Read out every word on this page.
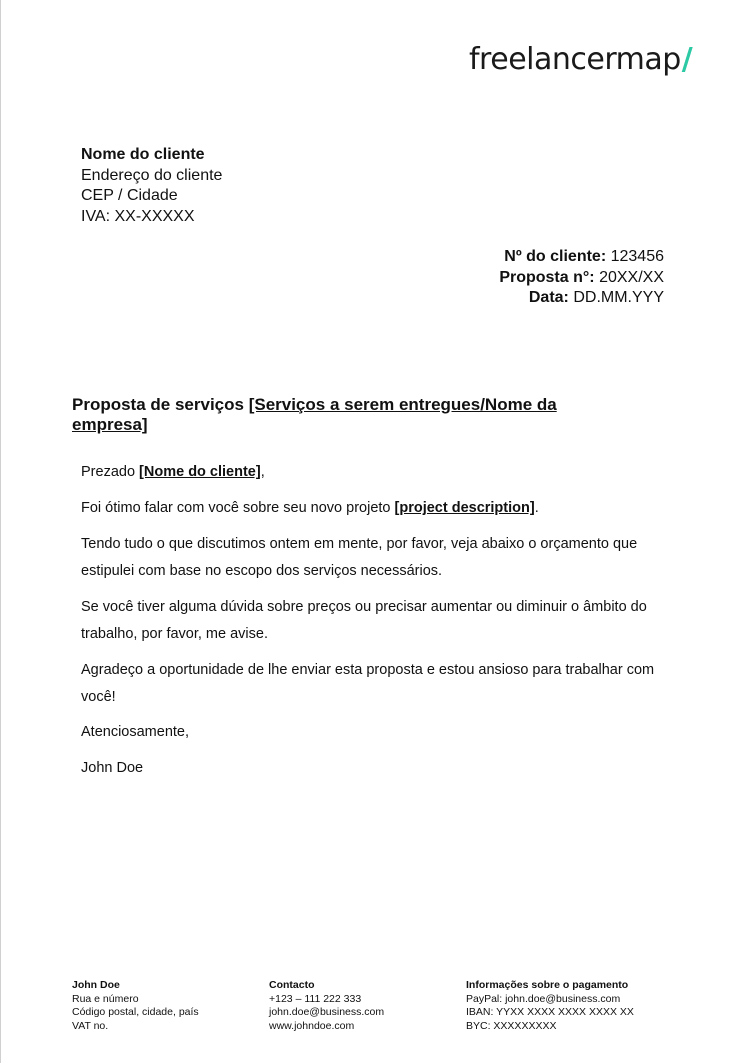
freelancermap/
Nome do cliente
Endereço do cliente
CEP / Cidade
IVA: XX-XXXXX
Nº do cliente: 123456
Proposta n°: 20XX/XX
Data: DD.MM.YYY
Proposta de serviços [Serviços a serem entregues/Nome da empresa]

Prezado [Nome do cliente],

Foi ótimo falar com você sobre seu novo projeto [project description].

Tendo tudo o que discutimos ontem em mente, por favor, veja abaixo o orçamento que estipulei com base no escopo dos serviços necessários.

Se você tiver alguma dúvida sobre preços ou precisar aumentar ou diminuir o âmbito do trabalho, por favor, me avise.

Agradeço a oportunidade de lhe enviar esta proposta e estou ansioso para trabalhar com você!

Atenciosamente,

John Doe

John Doe
Rua e número
Código postal, cidade, país
VAT no.
Contacto
+123 – 111 222 333
john.doe@business.com
www.johndoe.com
Informações sobre o pagamento
PayPal: john.doe@business.com
IBAN: YYXX XXXX XXXX XXXX XX
BYC: XXXXXXXXX
